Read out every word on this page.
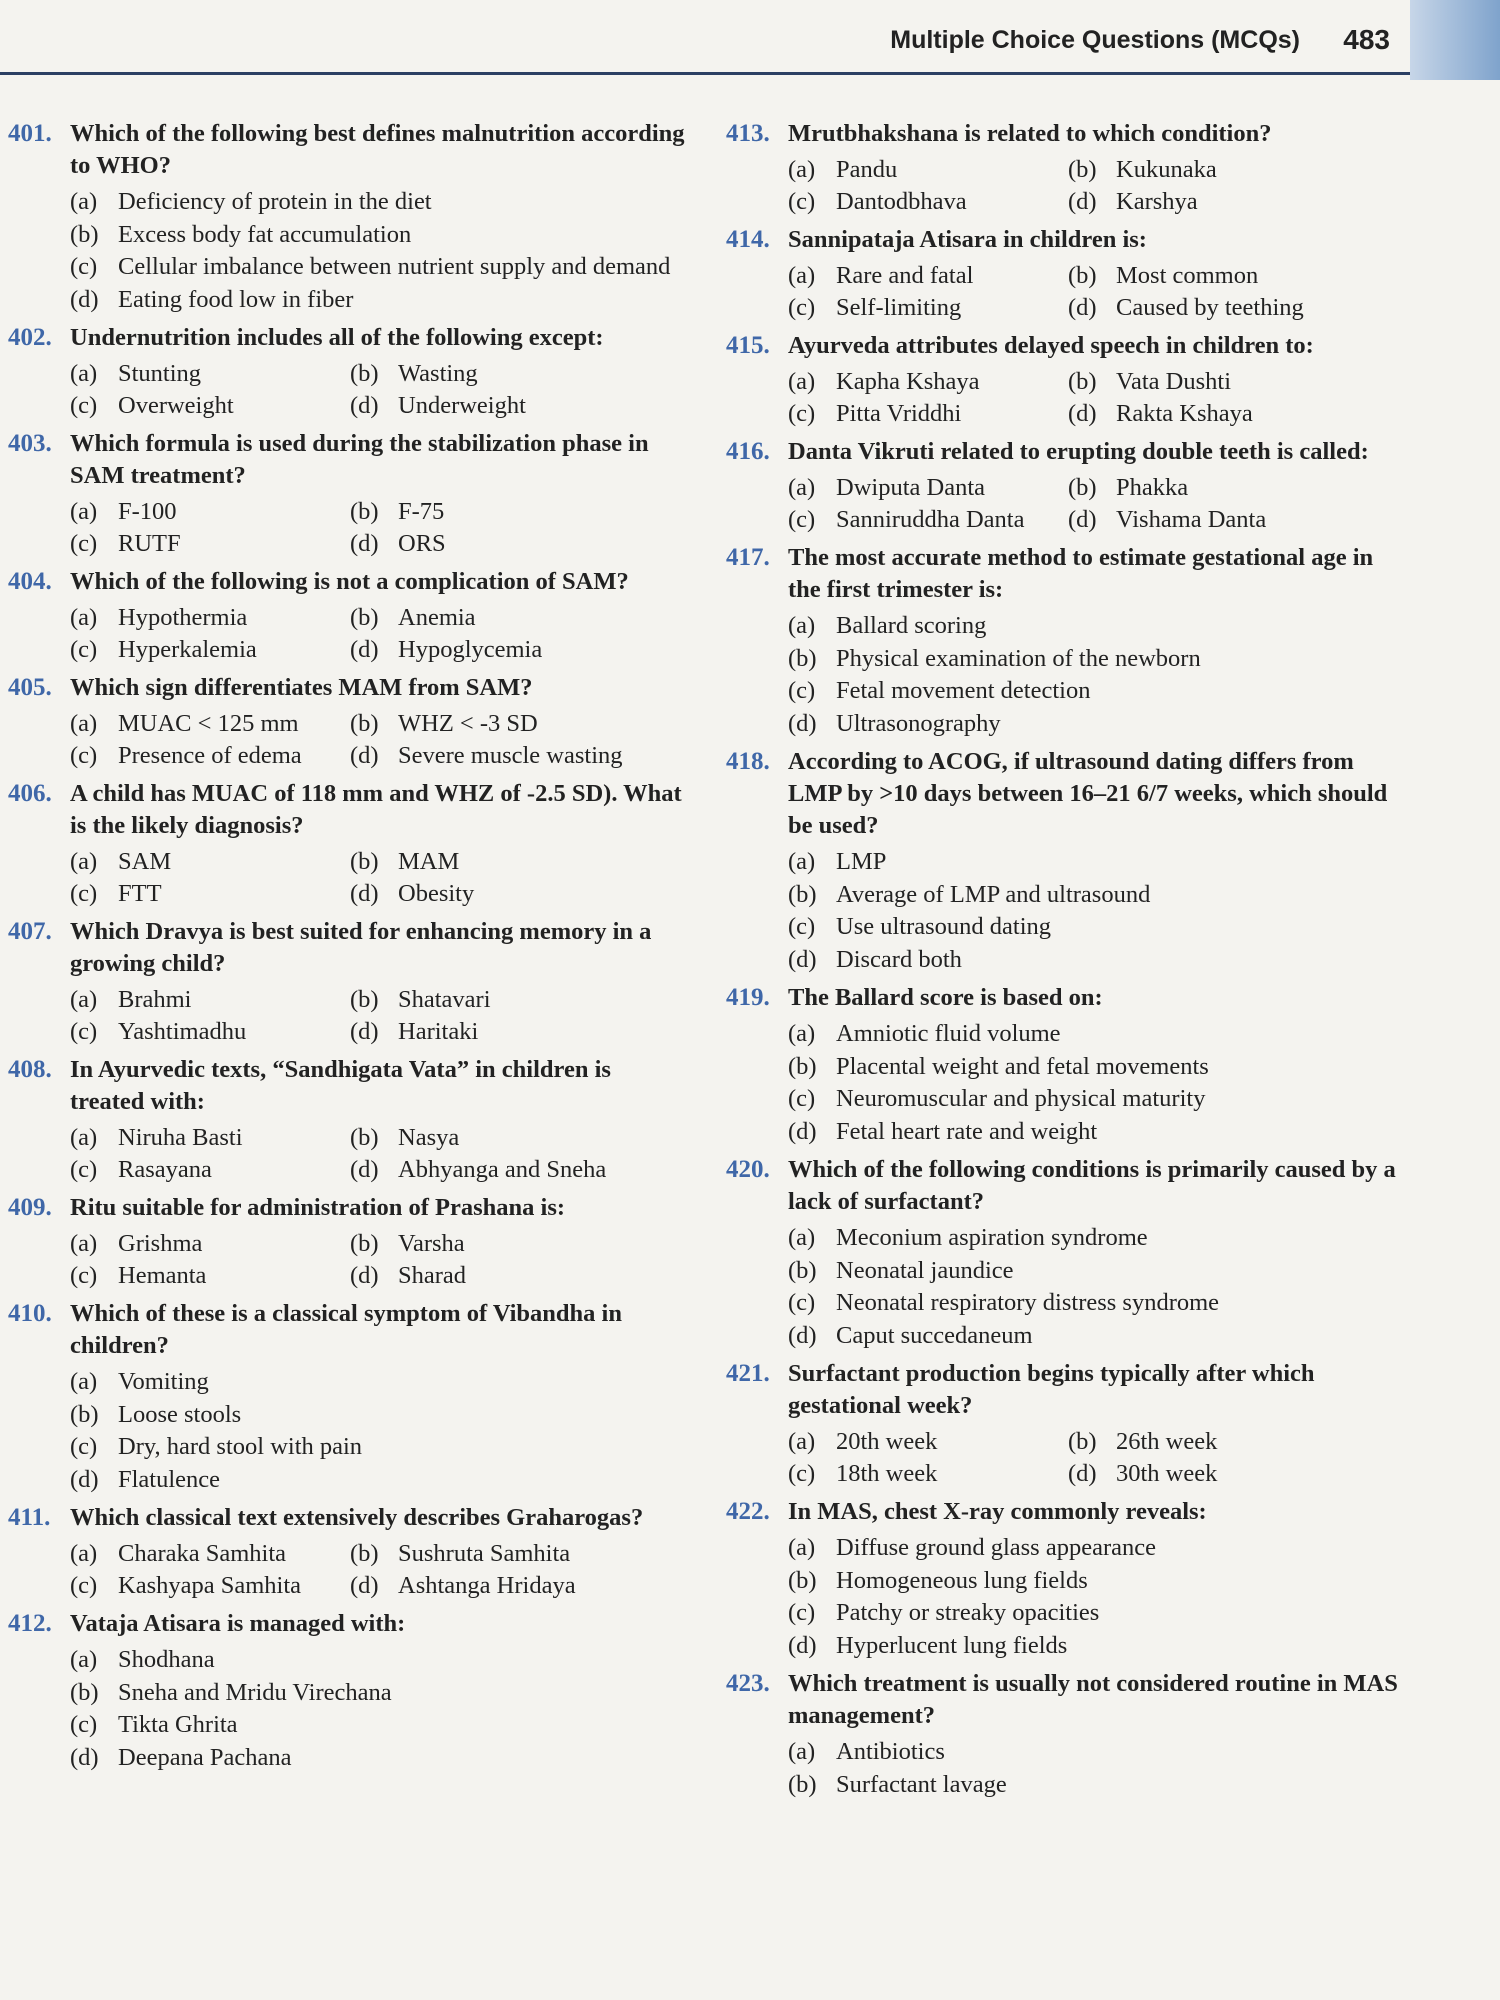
Multiple Choice Questions (MCQs) 483
401. Which of the following best defines malnutrition according to WHO?
(a) Deficiency of protein in the diet
(b) Excess body fat accumulation
(c) Cellular imbalance between nutrient supply and demand
(d) Eating food low in fiber
402. Undernutrition includes all of the following except:
(a) Stunting	(b) Wasting
(c) Overweight	(d) Underweight
403. Which formula is used during the stabilization phase in SAM treatment?
(a) F-100	(b) F-75
(c) RUTF	(d) ORS
404. Which of the following is not a complication of SAM?
(a) Hypothermia	(b) Anemia
(c) Hyperkalemia	(d) Hypoglycemia
405. Which sign differentiates MAM from SAM?
(a) MUAC < 125 mm (b) WHZ < -3 SD
(c) Presence of edema (d) Severe muscle wasting
406. A child has MUAC of 118 mm and WHZ of -2.5 SD). What is the likely diagnosis?
(a) SAM	(b) MAM
(c) FTT	(d) Obesity
407. Which Dravya is best suited for enhancing memory in a growing child?
(a) Brahmi	(b) Shatavari
(c) Yashtimadhu	(d) Haritaki
408. In Ayurvedic texts, “Sandhigata Vata” in children is treated with:
(a) Niruha Basti	(b) Nasya
(c) Rasayana	(d) Abhyanga and Sneha
409. Ritu suitable for administration of Prashana is:
(a) Grishma	(b) Varsha
(c) Hemanta	(d) Sharad
410. Which of these is a classical symptom of Vibandha in children?
(a) Vomiting
(b) Loose stools
(c) Dry, hard stool with pain
(d) Flatulence
411. Which classical text extensively describes Graharogas?
(a) Charaka Samhita	(b) Sushruta Samhita
(c) Kashyapa Samhita (d) Ashtanga Hridaya
412. Vataja Atisara is managed with:
(a) Shodhana
(b) Sneha and Mridu Virechana
(c) Tikta Ghrita
(d) Deepana Pachana
413. Mrutbhakshana is related to which condition?
(a) Pandu	(b) Kukunaka
(c) Dantodbhava	(d) Karshya
414. Sannipataja Atisara in children is:
(a) Rare and fatal	(b) Most common
(c) Self-limiting	(d) Caused by teething
415. Ayurveda attributes delayed speech in children to:
(a) Kapha Kshaya	(b) Vata Dushti
(c) Pitta Vriddhi	(d) Rakta Kshaya
416. Danta Vikruti related to erupting double teeth is called:
(a) Dwiputa Danta	(b) Phakka
(c) Sanniruddha Danta (d) Vishama Danta
417. The most accurate method to estimate gestational age in the first trimester is:
(a) Ballard scoring
(b) Physical examination of the newborn
(c) Fetal movement detection
(d) Ultrasonography
418. According to ACOG, if ultrasound dating differs from LMP by >10 days between 16–21 6/7 weeks, which should be used?
(a) LMP
(b) Average of LMP and ultrasound
(c) Use ultrasound dating
(d) Discard both
419. The Ballard score is based on:
(a) Amniotic fluid volume
(b) Placental weight and fetal movements
(c) Neuromuscular and physical maturity
(d) Fetal heart rate and weight
420. Which of the following conditions is primarily caused by a lack of surfactant?
(a) Meconium aspiration syndrome
(b) Neonatal jaundice
(c) Neonatal respiratory distress syndrome
(d) Caput succedaneum
421. Surfactant production begins typically after which gestational week?
(a) 20th week	(b) 26th week
(c) 18th week	(d) 30th week
422. In MAS, chest X-ray commonly reveals:
(a) Diffuse ground glass appearance
(b) Homogeneous lung fields
(c) Patchy or streaky opacities
(d) Hyperlucent lung fields
423. Which treatment is usually not considered routine in MAS management?
(a) Antibiotics
(b) Surfactant lavage
